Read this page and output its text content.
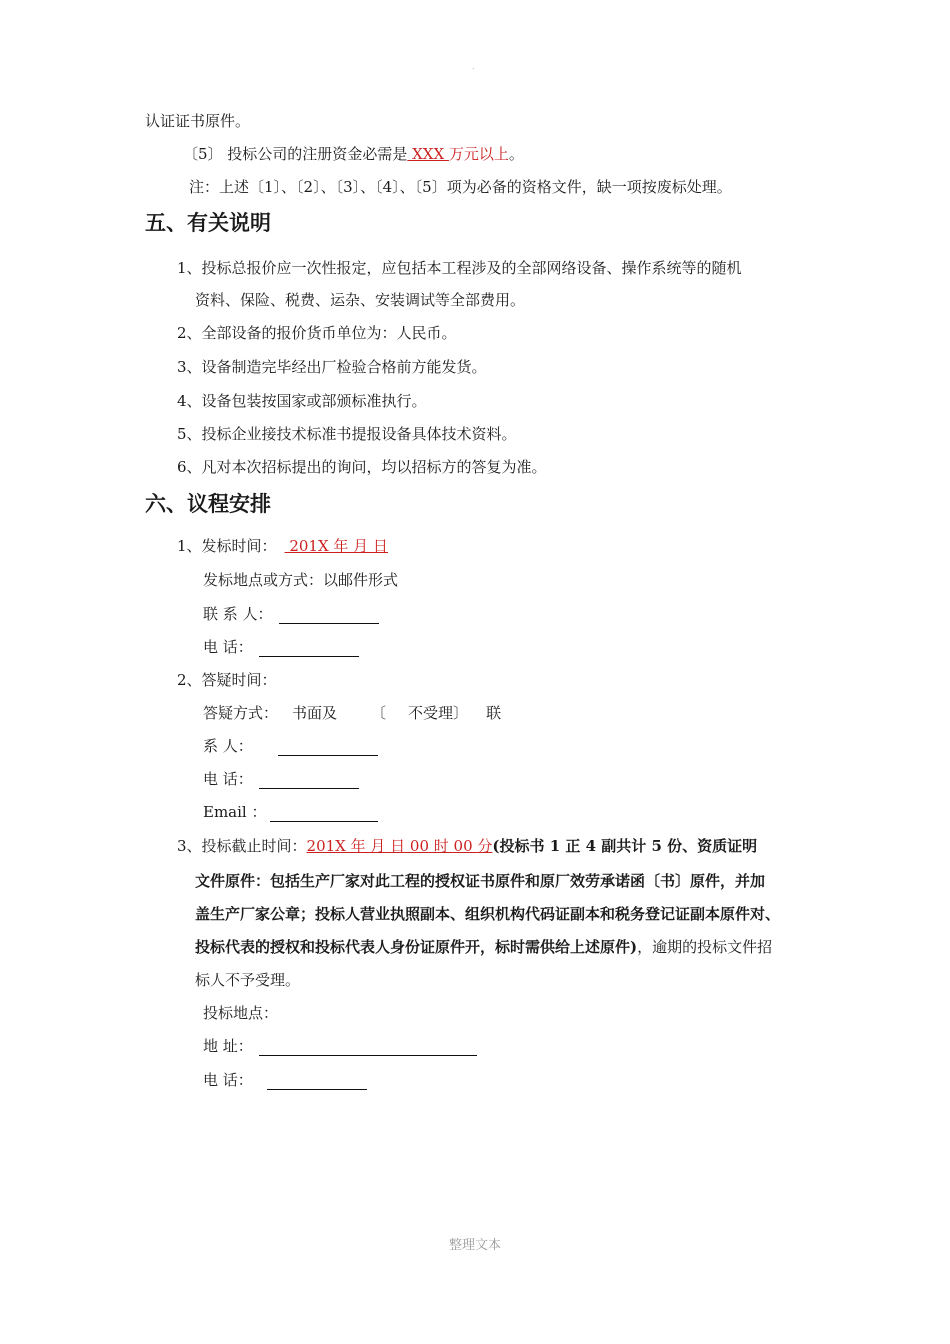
.
认证证书原件。
〔5〕 投标公司的注册资金必需是 XXX 万元以上。
注：上述〔1〕、〔2〕、〔3〕、〔4〕、〔5〕项为必备的资格文件，缺一项按废标处理。
五、有关说明
1、投标总报价应一次性报定，应包括本工程涉及的全部网络设备、操作系统等的随机
资料、保险、税费、运杂、安装调试等全部费用。
2、全部设备的报价货币单位为：人民币。
3、设备制造完毕经出厂检验合格前方能发货。
4、设备包装按国家或部颁标准执行。
5、投标企业接技术标准书提报设备具体技术资料。
6、凡对本次招标提出的询问，均以招标方的答复为准。
六、议程安排
1、发标时间： 201X 年 月 日
发标地点或方式：以邮件形式
联 系 人：
电 话：
2、答疑时间：
答疑方式： 书面及 〔 不受理〕 联
系 人：
电 话：
Email ：
3、投标截止时间：201X 年 月 日 00 时 00 分(投标书 1 正 4 副共计 5 份、资质证明
文件原件：包括生产厂家对此工程的授权证书原件和原厂效劳承诺函〔书〕原件，并加
盖生产厂家公章；投标人营业执照副本、组织机构代码证副本和税务登记证副本原件对、
投标代表的授权和投标代表人身份证原件开，标时需供给上述原件)，逾期的投标文件招
标人不予受理。
投标地点：
地 址：
电 话：
整理文本
